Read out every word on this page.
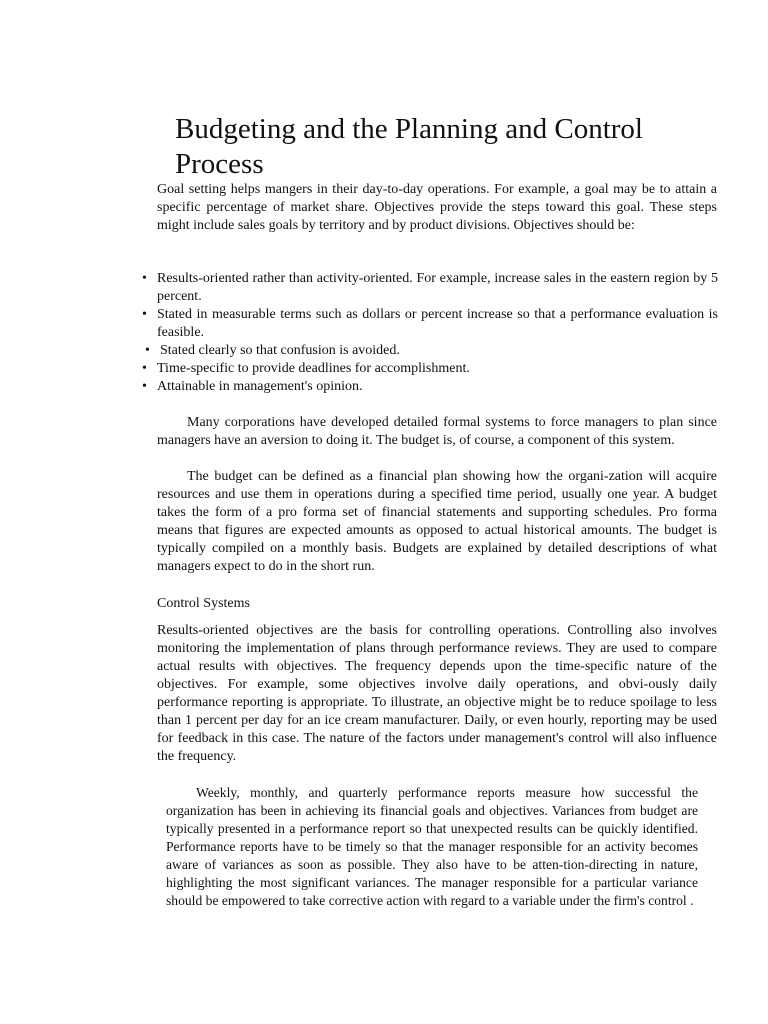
Budgeting and the Planning and Control Process

Goal setting helps mangers in their day-to-day operations. For example, a goal may be to attain a specific percentage of market share. Objectives provide the steps toward this goal. These steps might include sales goals by territory and by product divisions. Objectives should be:

• Results-oriented rather than activity-oriented. For example, increase sales in the eastern region by 5 percent.
• Stated in measurable terms such as dollars or percent increase so that a performance evaluation is feasible.
• Stated clearly so that confusion is avoided.
• Time-specific to provide deadlines for accomplishment.
• Attainable in management's opinion.

Many corporations have developed detailed formal systems to force managers to plan since managers have an aversion to doing it. The budget is, of course, a component of this system.

The budget can be defined as a financial plan showing how the organi-zation will acquire resources and use them in operations during a specified time period, usually one year. A budget takes the form of a pro forma set of financial statements and supporting schedules. Pro forma means that figures are expected amounts as opposed to actual historical amounts. The budget is typically compiled on a monthly basis. Budgets are explained by detailed descriptions of what managers expect to do in the short run.

Control Systems

Results-oriented objectives are the basis for controlling operations. Controlling also involves monitoring the implementation of plans through performance reviews. They are used to compare actual results with objectives. The frequency depends upon the time-specific nature of the objectives. For example, some objectives involve daily operations, and obvi-ously daily performance reporting is appropriate. To illustrate, an objective might be to reduce spoilage to less than 1 percent per day for an ice cream manufacturer. Daily, or even hourly, reporting may be used for feedback in this case. The nature of the factors under management's control will also influence the frequency.

Weekly, monthly, and quarterly performance reports measure how successful the organization has been in achieving its financial goals and objectives. Variances from budget are typically presented in a performance report so that unexpected results can be quickly identified. Performance reports have to be timely so that the manager responsible for an activity becomes aware of variances as soon as possible. They also have to be atten-tion-directing in nature, highlighting the most significant variances. The manager responsible for a particular variance should be empowered to take corrective action with regard to a variable under the firm's control .
